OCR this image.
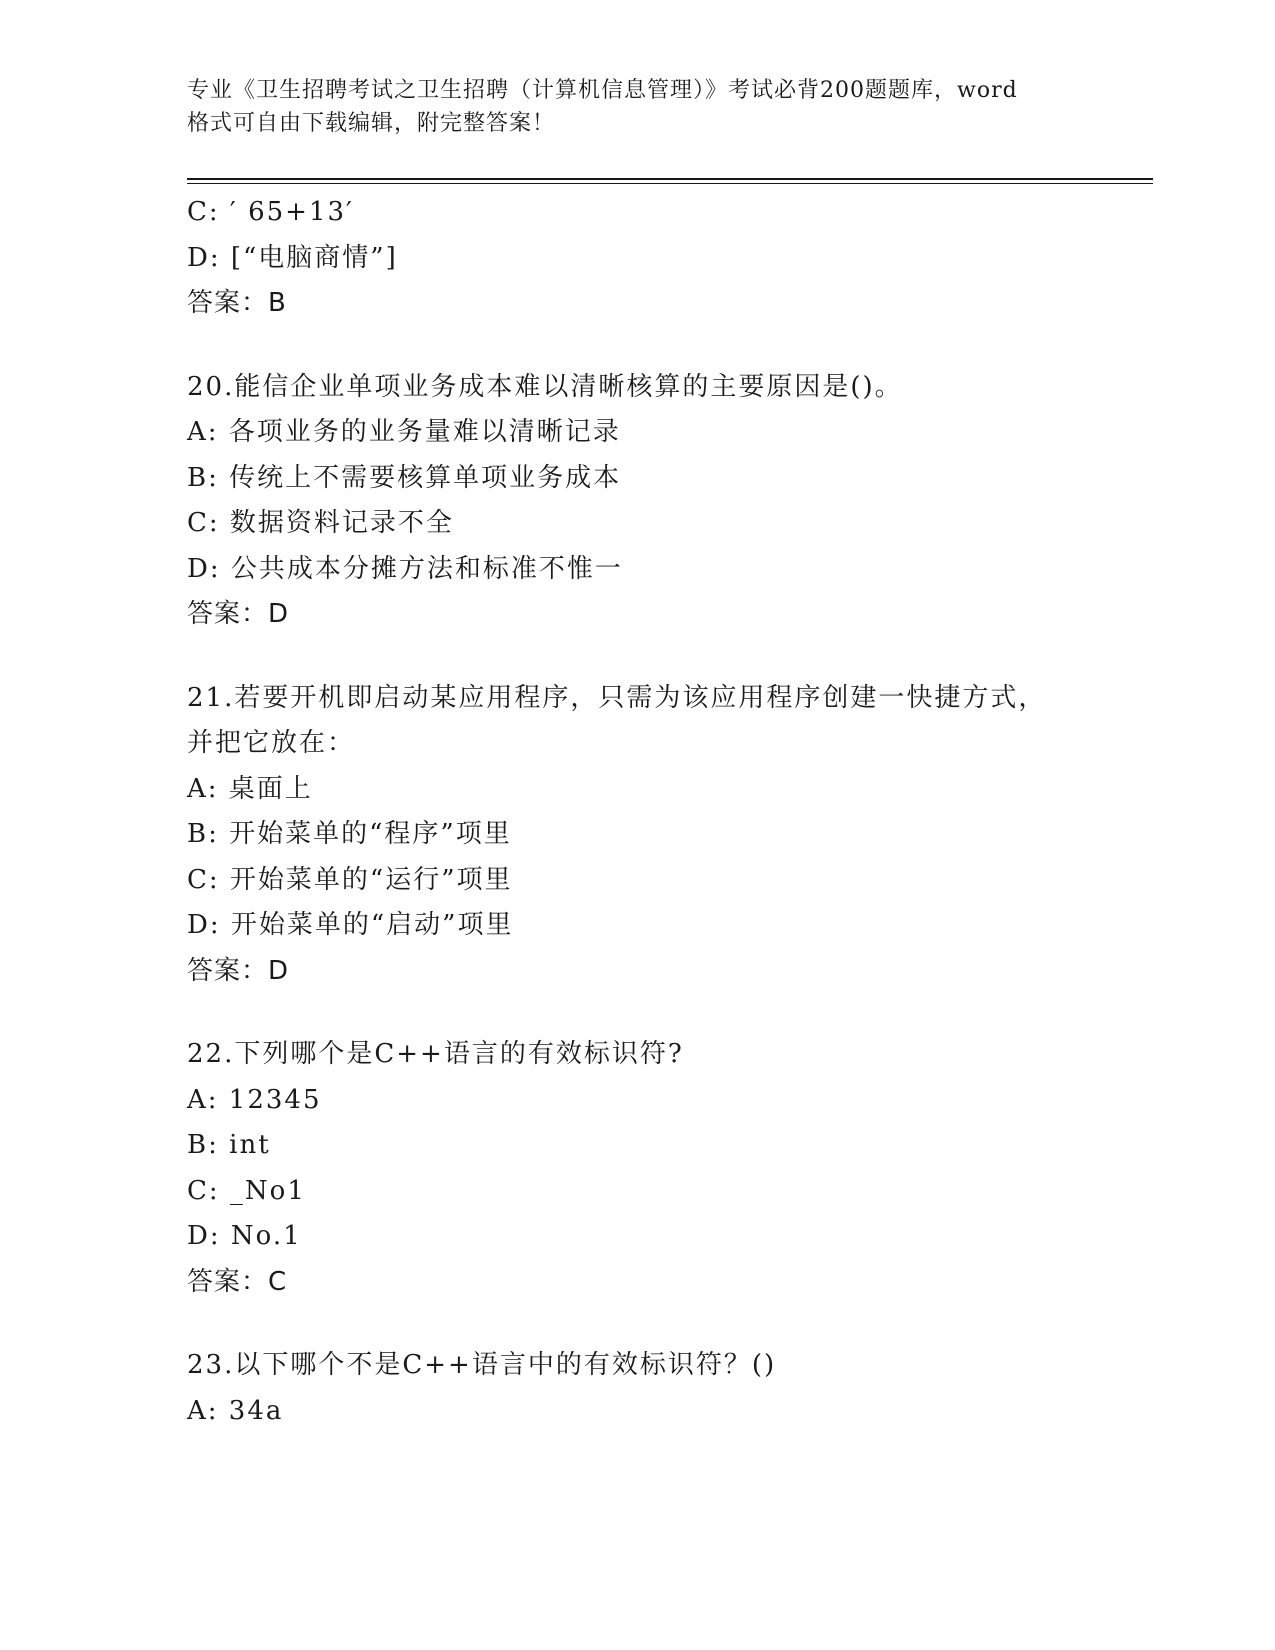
专业《卫生招聘考试之卫生招聘（计算机信息管理）》考试必背200题题库，word
格式可自由下载编辑，附完整答案！
C: ′ 65+13′
D: [“电脑商情”]
答案：B
20.能信企业单项业务成本难以清晰核算的主要原因是()。
A: 各项业务的业务量难以清晰记录
B: 传统上不需要核算单项业务成本
C: 数据资料记录不全
D: 公共成本分摊方法和标准不惟一
答案：D
21.若要开机即启动某应用程序，只需为该应用程序创建一快捷方式，并把它放在：
A: 桌面上
B: 开始菜单的“程序”项里
C: 开始菜单的“运行”项里
D: 开始菜单的“启动”项里
答案：D
22.下列哪个是C++语言的有效标识符?
A: 12345
B: int
C: _No1
D: No.1
答案：C
23.以下哪个不是C++语言中的有效标识符？()
A: 34a
